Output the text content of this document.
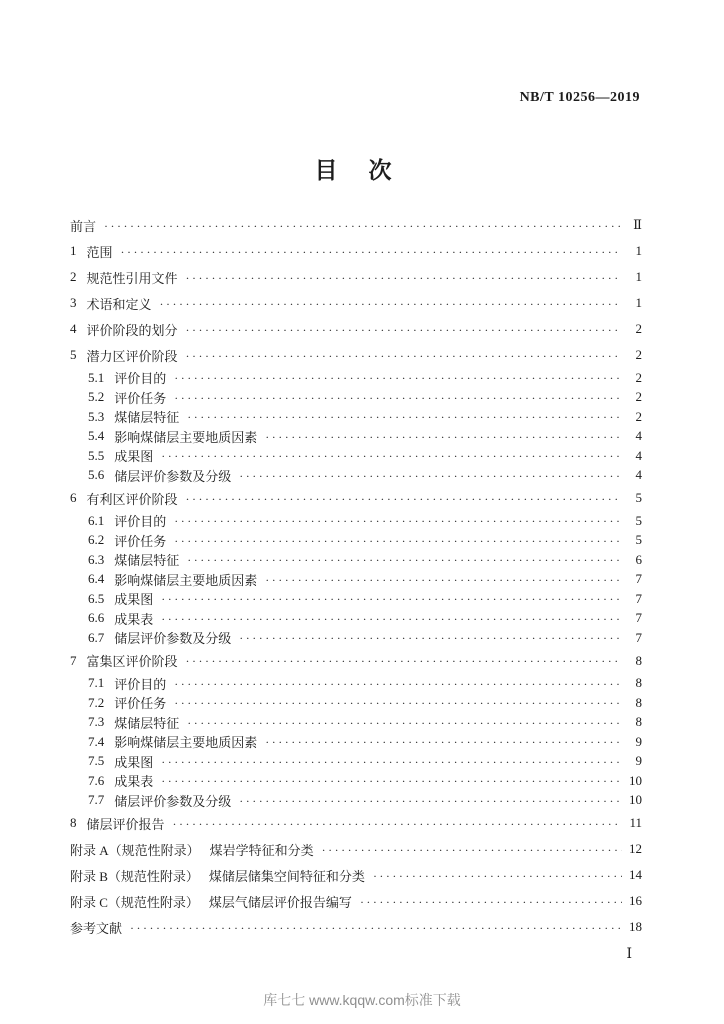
NB/T 10256—2019
目　次
前言 ·····	Ⅱ
1 范围 ·····	1
2 规范性引用文件 ·····	1
3 术语和定义 ·····	1
4 评价阶段的划分 ·····	2
5 潜力区评价阶段 ·····	2
5.1 评价目的 ·····	2
5.2 评价任务 ·····	2
5.3 煤储层特征 ·····	2
5.4 影响煤储层主要地质因素 ·····	4
5.5 成果图 ·····	4
5.6 储层评价参数及分级 ·····	4
6 有利区评价阶段 ·····	5
6.1 评价目的 ·····	5
6.2 评价任务 ·····	5
6.3 煤储层特征 ·····	6
6.4 影响煤储层主要地质因素 ·····	7
6.5 成果图 ·····	7
6.6 成果表 ·····	7
6.7 储层评价参数及分级 ·····	7
7 富集区评价阶段 ·····	8
7.1 评价目的 ·····	8
7.2 评价任务 ·····	8
7.3 煤储层特征 ·····	8
7.4 影响煤储层主要地质因素 ·····	9
7.5 成果图 ·····	9
7.6 成果表 ·····	10
7.7 储层评价参数及分级 ·····	10
8 储层评价报告 ·····	11
附录 A（规范性附录） 煤岩学特征和分类 ·····	12
附录 B（规范性附录） 煤储层储集空间特征和分类 ·····	14
附录 C（规范性附录） 煤层气储层评价报告编写 ·····	16
参考文献 ·····	18
Ⅰ
库七七 www.kqqw.com标准下载
